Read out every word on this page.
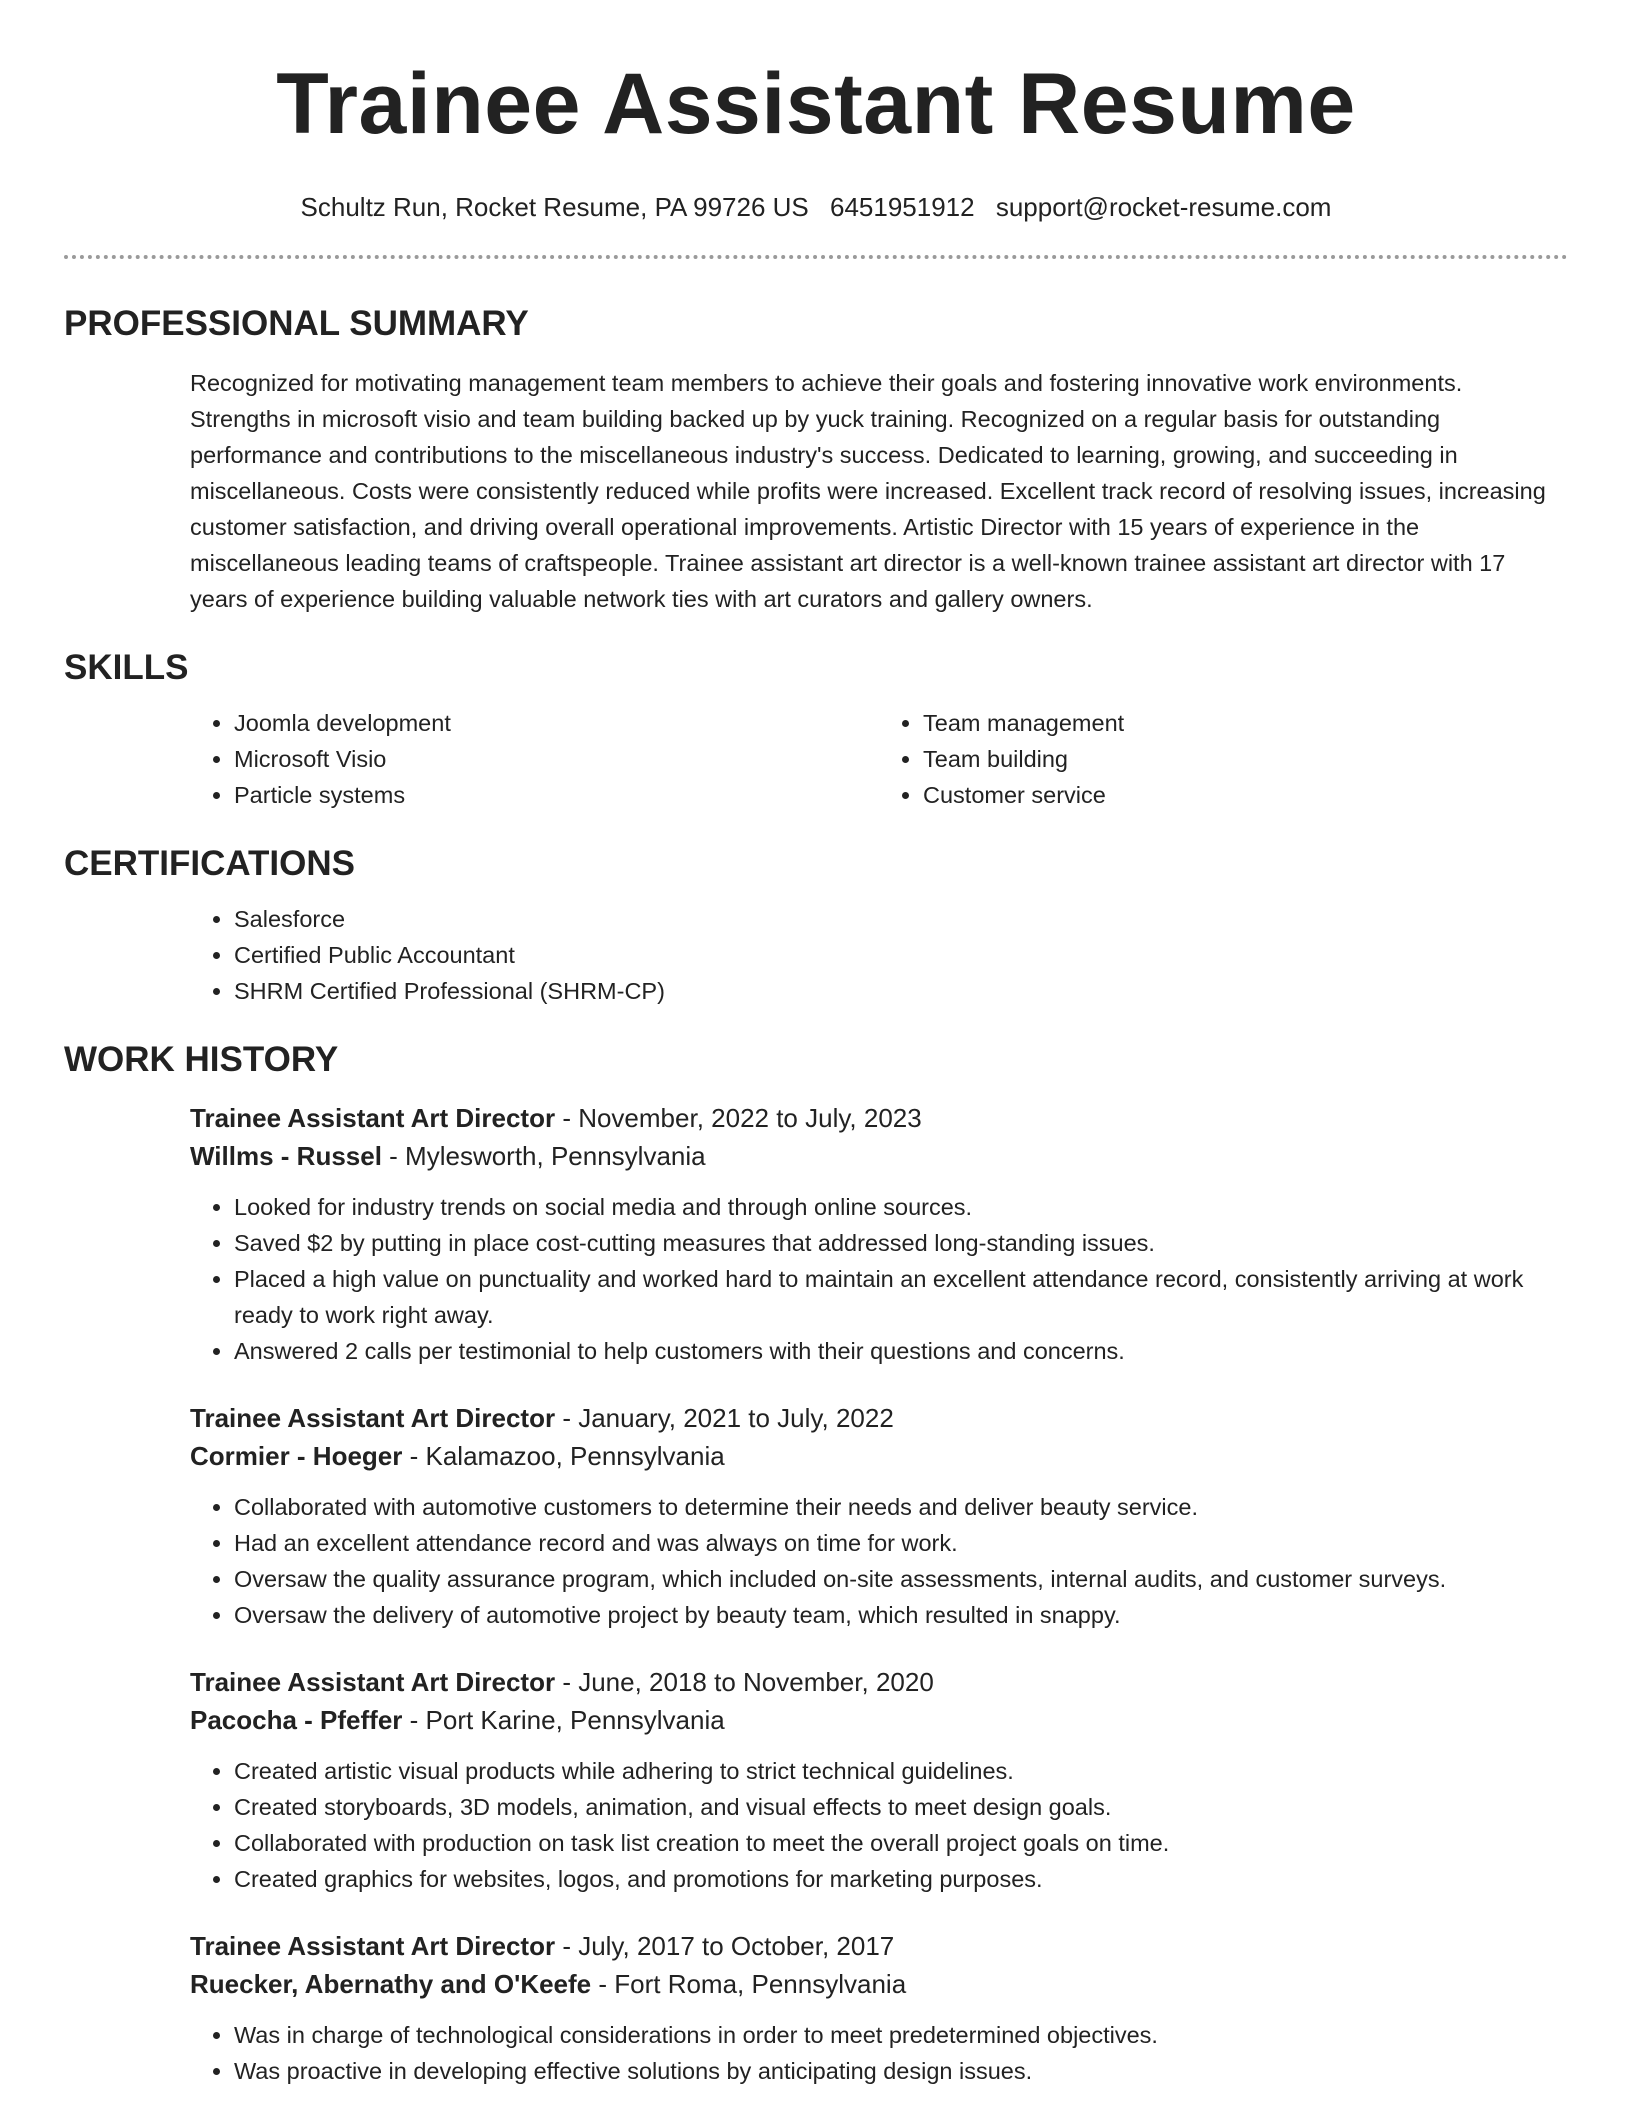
Trainee Assistant Resume
Schultz Run, Rocket Resume, PA 99726 US 6451951912 support@rocket-resume.com
PROFESSIONAL SUMMARY
Recognized for motivating management team members to achieve their goals and fostering innovative work environments. Strengths in microsoft visio and team building backed up by yuck training. Recognized on a regular basis for outstanding performance and contributions to the miscellaneous industry's success. Dedicated to learning, growing, and succeeding in miscellaneous. Costs were consistently reduced while profits were increased. Excellent track record of resolving issues, increasing customer satisfaction, and driving overall operational improvements. Artistic Director with 15 years of experience in the miscellaneous leading teams of craftspeople. Trainee assistant art director is a well-known trainee assistant art director with 17 years of experience building valuable network ties with art curators and gallery owners.
SKILLS
• Joomla development
• Microsoft Visio
• Particle systems
• Team management
• Team building
• Customer service
CERTIFICATIONS
• Salesforce
• Certified Public Accountant
• SHRM Certified Professional (SHRM-CP)
WORK HISTORY
Trainee Assistant Art Director - November, 2022 to July, 2023
Willms - Russel - Mylesworth, Pennsylvania
• Looked for industry trends on social media and through online sources.
• Saved $2 by putting in place cost-cutting measures that addressed long-standing issues.
• Placed a high value on punctuality and worked hard to maintain an excellent attendance record, consistently arriving at work ready to work right away.
• Answered 2 calls per testimonial to help customers with their questions and concerns.
Trainee Assistant Art Director - January, 2021 to July, 2022
Cormier - Hoeger - Kalamazoo, Pennsylvania
• Collaborated with automotive customers to determine their needs and deliver beauty service.
• Had an excellent attendance record and was always on time for work.
• Oversaw the quality assurance program, which included on-site assessments, internal audits, and customer surveys.
• Oversaw the delivery of automotive project by beauty team, which resulted in snappy.
Trainee Assistant Art Director - June, 2018 to November, 2020
Pacocha - Pfeffer - Port Karine, Pennsylvania
• Created artistic visual products while adhering to strict technical guidelines.
• Created storyboards, 3D models, animation, and visual effects to meet design goals.
• Collaborated with production on task list creation to meet the overall project goals on time.
• Created graphics for websites, logos, and promotions for marketing purposes.
Trainee Assistant Art Director - July, 2017 to October, 2017
Ruecker, Abernathy and O'Keefe - Fort Roma, Pennsylvania
• Was in charge of technological considerations in order to meet predetermined objectives.
• Was proactive in developing effective solutions by anticipating design issues.
